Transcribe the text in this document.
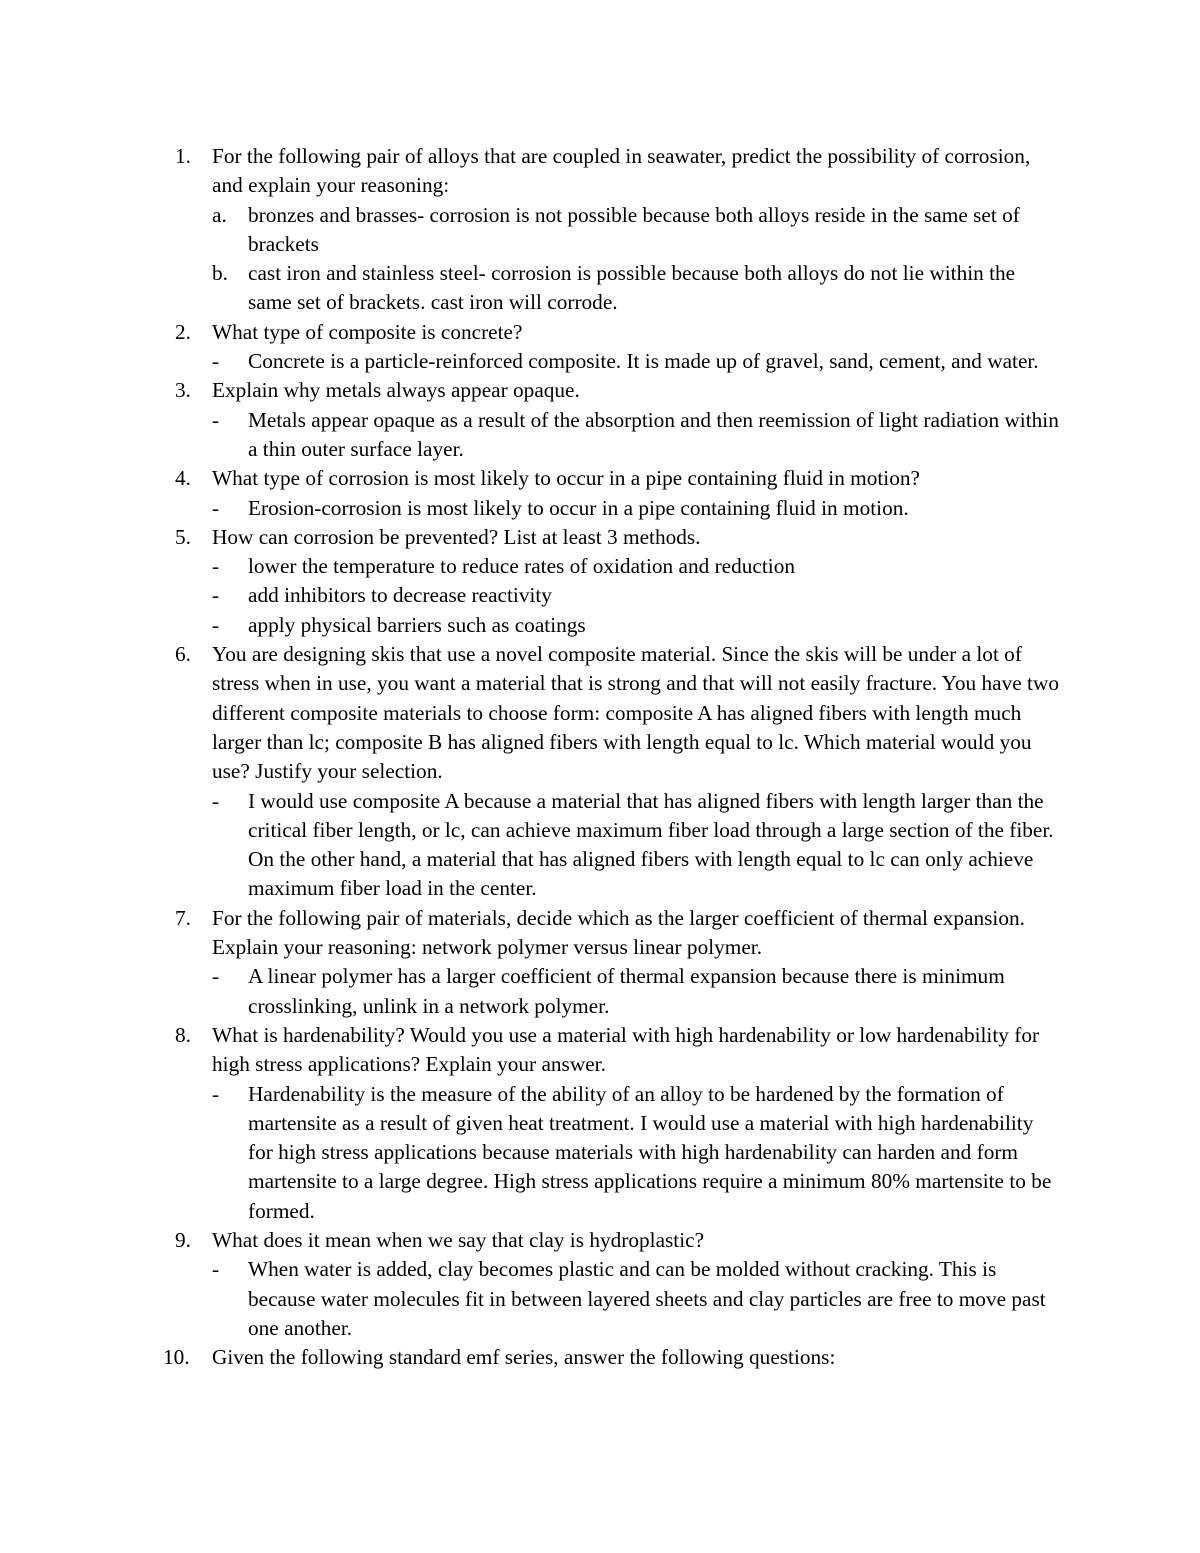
1. For the following pair of alloys that are coupled in seawater, predict the possibility of corrosion, and explain your reasoning:
a. bronzes and brasses- corrosion is not possible because both alloys reside in the same set of brackets
b. cast iron and stainless steel- corrosion is possible because both alloys do not lie within the same set of brackets. cast iron will corrode.
2. What type of composite is concrete?
- Concrete is a particle-reinforced composite. It is made up of gravel, sand, cement, and water.
3. Explain why metals always appear opaque.
- Metals appear opaque as a result of the absorption and then reemission of light radiation within a thin outer surface layer.
4. What type of corrosion is most likely to occur in a pipe containing fluid in motion?
- Erosion-corrosion is most likely to occur in a pipe containing fluid in motion.
5. How can corrosion be prevented? List at least 3 methods.
- lower the temperature to reduce rates of oxidation and reduction
- add inhibitors to decrease reactivity
- apply physical barriers such as coatings
6. You are designing skis that use a novel composite material. Since the skis will be under a lot of stress when in use, you want a material that is strong and that will not easily fracture. You have two different composite materials to choose form: composite A has aligned fibers with length much larger than lc; composite B has aligned fibers with length equal to lc. Which material would you use? Justify your selection.
- I would use composite A because a material that has aligned fibers with length larger than the critical fiber length, or lc, can achieve maximum fiber load through a large section of the fiber. On the other hand, a material that has aligned fibers with length equal to lc can only achieve maximum fiber load in the center.
7. For the following pair of materials, decide which as the larger coefficient of thermal expansion. Explain your reasoning: network polymer versus linear polymer.
- A linear polymer has a larger coefficient of thermal expansion because there is minimum crosslinking, unlink in a network polymer.
8. What is hardenability? Would you use a material with high hardenability or low hardenability for high stress applications? Explain your answer.
- Hardenability is the measure of the ability of an alloy to be hardened by the formation of martensite as a result of given heat treatment. I would use a material with high hardenability for high stress applications because materials with high hardenability can harden and form martensite to a large degree. High stress applications require a minimum 80% martensite to be formed.
9. What does it mean when we say that clay is hydroplastic?
- When water is added, clay becomes plastic and can be molded without cracking. This is because water molecules fit in between layered sheets and clay particles are free to move past one another.
10. Given the following standard emf series, answer the following questions:
